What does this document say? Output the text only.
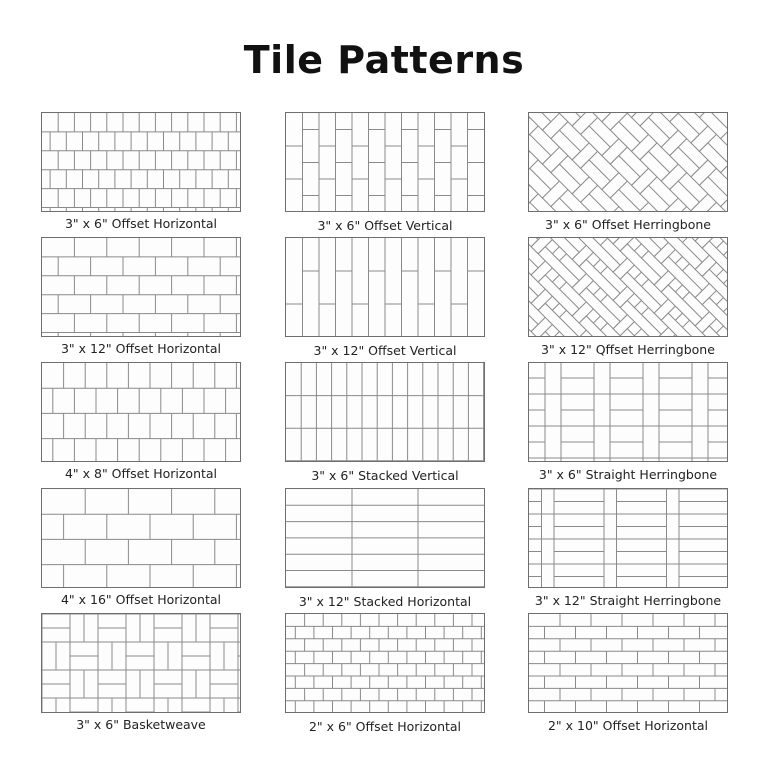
Tile Patterns
3" x 6" Offset Horizontal	3" x 6" Offset Vertical	3" x 6" Offset Herringbone
3" x 12" Offset Horizontal	3" x 12" Offset Vertical	3" x 12" Qffset Herringbone
4" x 8" Offset Horizontal	3" x 6" Stacked Vertical	3" x 6" Straight Herringbone
4" x 16" Offset Horizontal	3" x 12" Stacked Horizontal	3" x 12" Straight Herringbone
3" x 6" Basketweave	2" x 6" Offset Horizontal	2" x 10" Offset Horizontal
